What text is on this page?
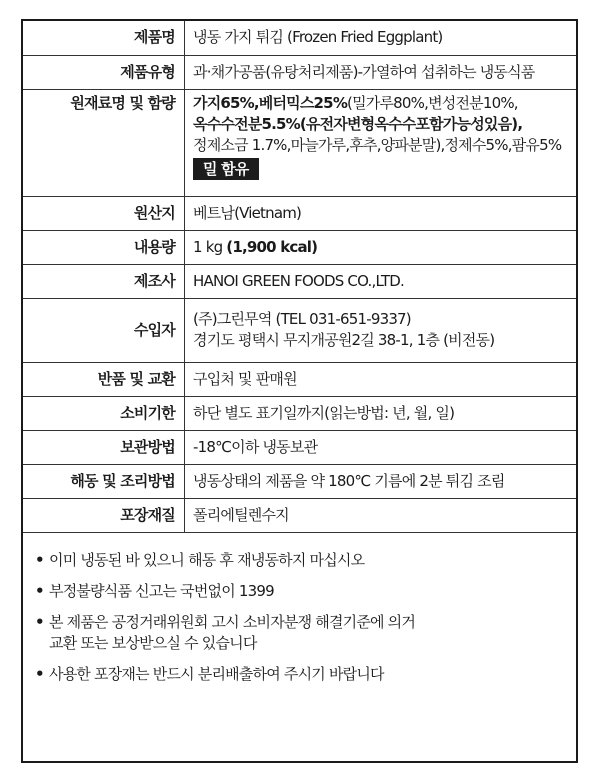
제품명	냉동 가지 튀김 (Frozen Fried Eggplant)
제품유형	과·채가공품(유탕처리제품)-가열하여 섭취하는 냉동식품
원재료명 및 함량	가지65%,베터믹스25%(밀가루80%,변성전분10%,
옥수수전분5.5%(유전자변형옥수수포함가능성있음),
정제소금 1.7%,마늘가루,후추,양파분말),정제수5%,팜유5%
밀 함유
원산지	베트남(Vietnam)
내용량	1 kg (1,900 kcal)
제조사	HANOI GREEN FOODS CO.,LTD.
수입자	(주)그린무역 (TEL 031-651-9337)
경기도 평택시 무지개공원2길 38-1, 1층 (비전동)

반품 및 교환	구입처 및 판매원
소비기한	하단 별도 표기일까지(읽는방법: 년, 월, 일)
보관방법	-18℃이하 냉동보관
해동 및 조리방법	냉동상태의 제품을 약 180℃ 기름에 2분 튀김 조림
포장재질	폴리에틸렌수지
• 이미 냉동된 바 있으니 해동 후 재냉동하지 마십시오
• 부정불량식품 신고는 국번없이 1399
• 본 제품은 공정거래위원회 고시 소비자분쟁 해결기준에 의거
교환 또는 보상받으실 수 있습니다
• 사용한 포장재는 반드시 분리배출하여 주시기 바랍니다
